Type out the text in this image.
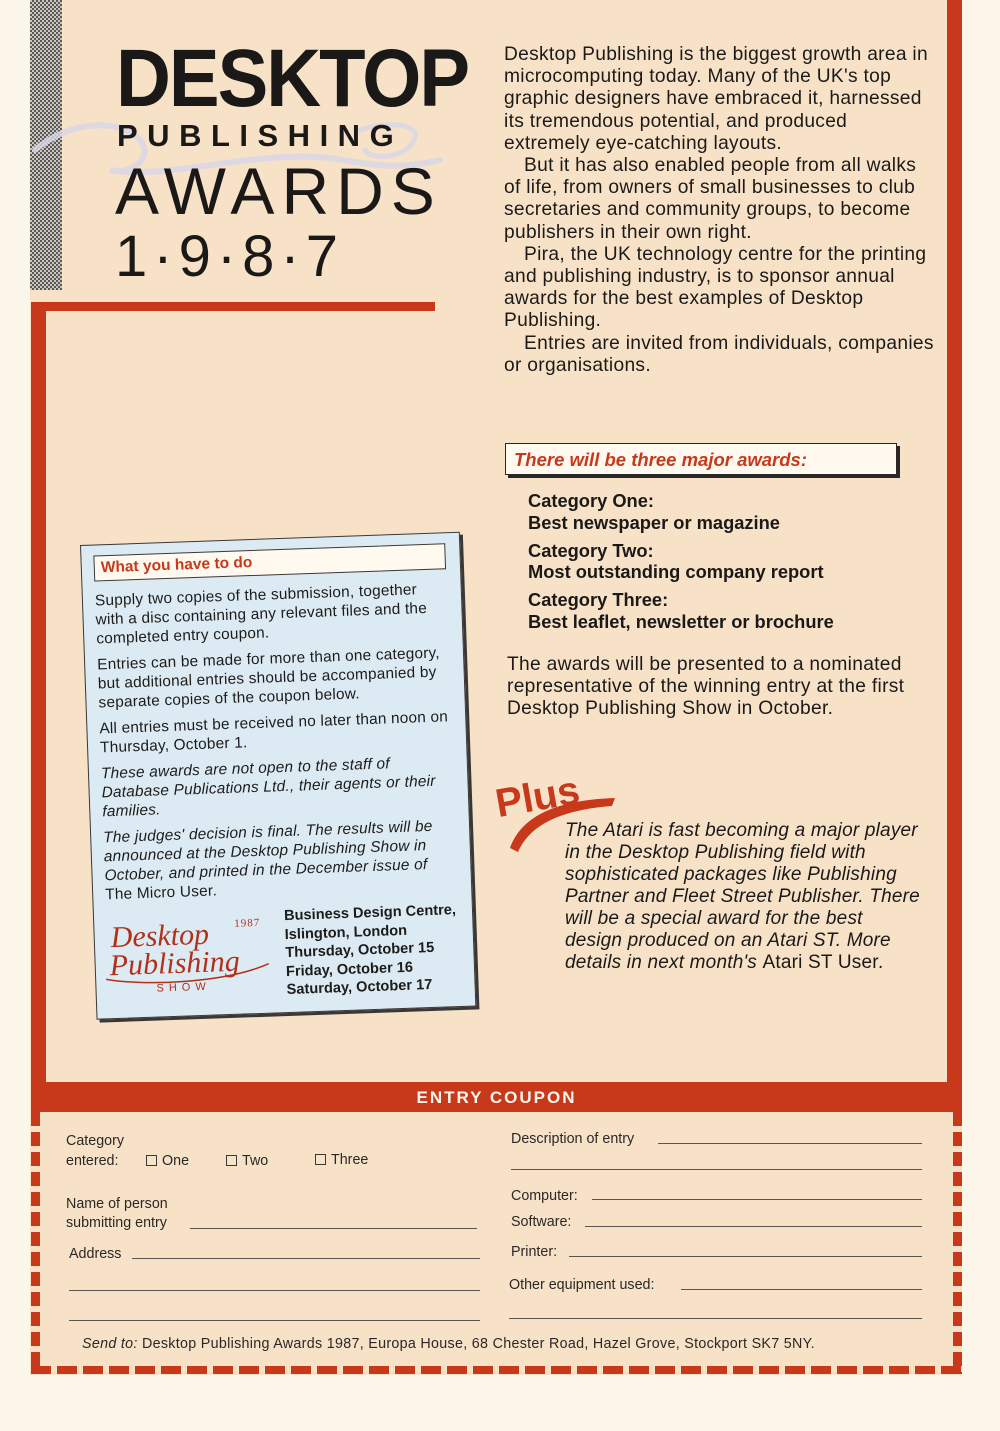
DESKTOP
PUBLISHING
AWARDS
1·9·8·7

Desktop Publishing is the biggest growth area in microcomputing today. Many of the UK's top graphic designers have embraced it, harnessed its tremendous potential, and produced extremely eye-catching layouts.

But it has also enabled people from all walks of life, from owners of small businesses to club secretaries and community groups, to become publishers in their own right.

Pira, the UK technology centre for the printing and publishing industry, is to sponsor annual awards for the best examples of Desktop Publishing.

Entries are invited from individuals, companies or organisations.

There will be three major awards:
Category One:
Best newspaper or magazine
Category Two:
Most outstanding company report
Category Three:
Best leaflet, newsletter or brochure
The awards will be presented to a nominated representative of the winning entry at the first Desktop Publishing Show in October.
Plus
The Atari is fast becoming a major player in the Desktop Publishing field with sophisticated packages like Publishing Partner and Fleet Street Publisher. There will be a special award for the best design produced on an Atari ST. More details in next month's Atari ST User.
What you have to do

Supply two copies of the submission, together with a disc containing any relevant files and the completed entry coupon.

Entries can be made for more than one category, but additional entries should be accompanied by separate copies of the coupon below.

All entries must be received no later than noon on Thursday, October 1.

These awards are not open to the staff of Database Publications Ltd., their agents or their families.

The judges' decision is final. The results will be announced at the Desktop Publishing Show in October, and printed in the December issue of The Micro User.

Desktop 1987
Publishing
SHOW
Business Design Centre,
Islington, London
Thursday, October 15
Friday, October 16
Saturday, October 17
ENTRY COUPON
Category
entered:	One	Two	Three
Name of person
submitting entry
Address
Description of entry
Computer:
Software:
Printer:
Other equipment used:
Send to: Desktop Publishing Awards 1987, Europa House, 68 Chester Road, Hazel Grove, Stockport SK7 5NY.
